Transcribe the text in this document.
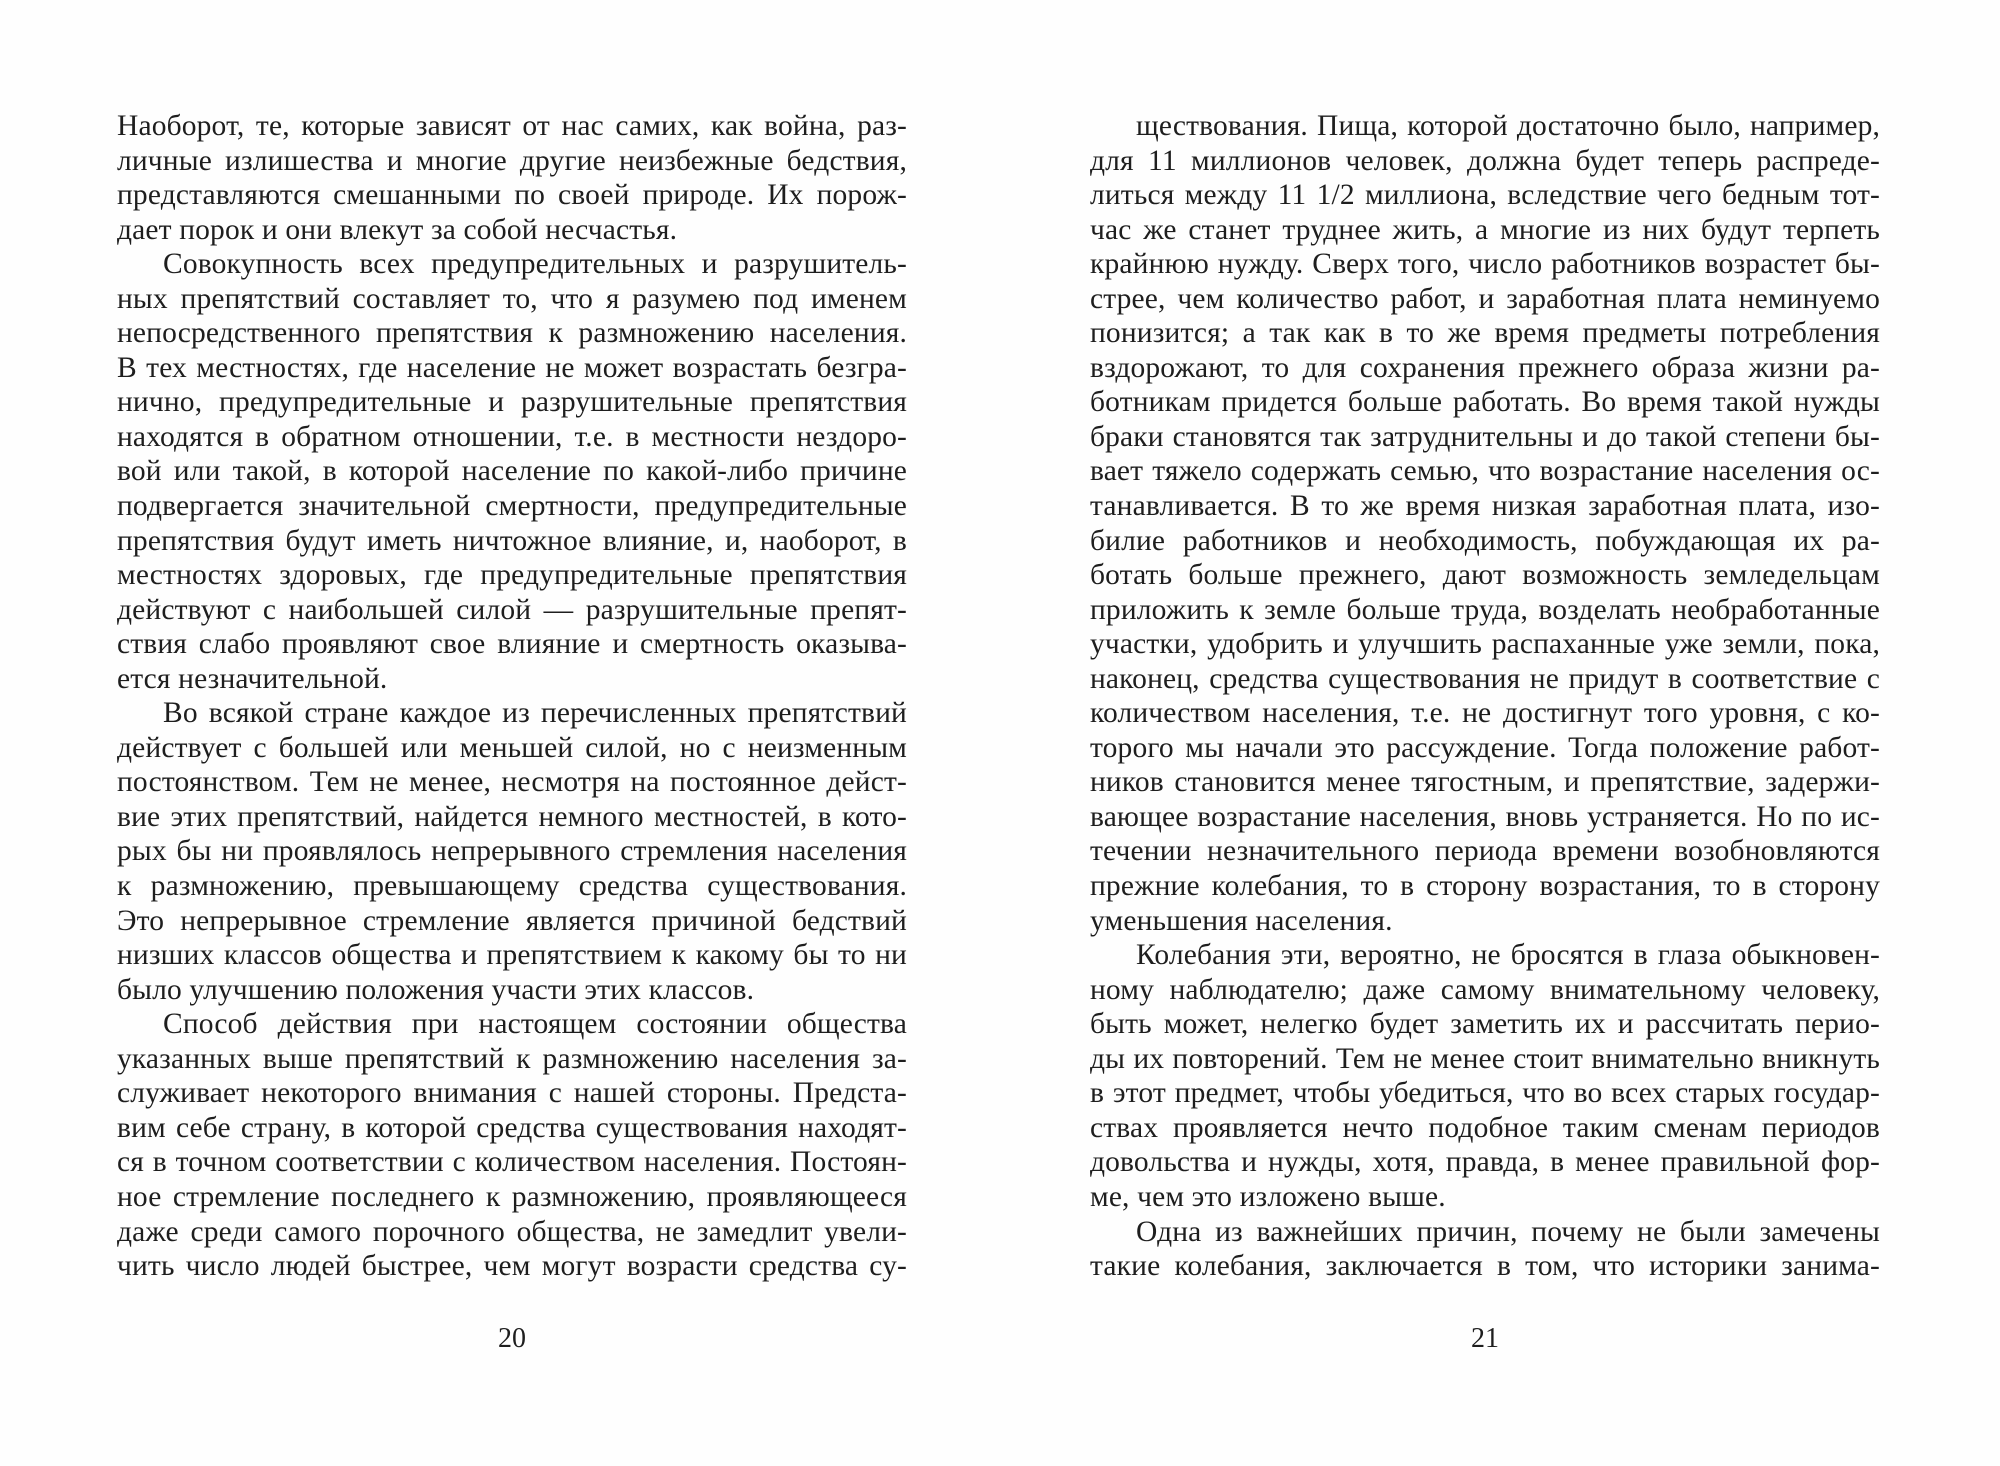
Наоборот, те, которые зависят от нас самих, как война, раз-
личные излишества и многие другие неизбежные бедствия,
представляются смешанными по своей природе. Их порож-
дает порок и они влекут за собой несчастья.
Совокупность всех предупредительных и разрушитель-
ных препятствий составляет то, что я разумею под именем
непосредственного препятствия к размножению населения.
В тех местностях, где население не может возрастать безгра-
нично, предупредительные и разрушительные препятствия
находятся в обратном отношении, т.е. в местности нездоро-
вой или такой, в которой население по какой-либо причине
подвергается значительной смертности, предупредительные
препятствия будут иметь ничтожное влияние, и, наоборот, в
местностях здоровых, где предупредительные препятствия
действуют с наибольшей силой — разрушительные препят-
ствия слабо проявляют свое влияние и смертность оказыва-
ется незначительной.
Во всякой стране каждое из перечисленных препятствий
действует с большей или меньшей силой, но с неизменным
постоянством. Тем не менее, несмотря на постоянное дейст-
вие этих препятствий, найдется немного местностей, в кото-
рых бы ни проявлялось непрерывного стремления населения
к размножению, превышающему средства существования.
Это непрерывное стремление является причиной бедствий
низших классов общества и препятствием к какому бы то ни
было улучшению положения участи этих классов.
Способ действия при настоящем состоянии общества
указанных выше препятствий к размножению населения за-
служивает некоторого внимания с нашей стороны. Предста-
вим себе страну, в которой средства существования находят-
ся в точном соответствии с количеством населения. Постоян-
ное стремление последнего к размножению, проявляющееся
даже среди самого порочного общества, не замедлит увели-
чить число людей быстрее, чем могут возрасти средства су-
20
ществования. Пища, которой достаточно было, например,
для 11 миллионов человек, должна будет теперь распреде-
литься между 11 1/2 миллиона, вследствие чего бедным тот-
час же станет труднее жить, а многие из них будут терпеть
крайнюю нужду. Сверх того, число работников возрастет бы-
стрее, чем количество работ, и заработная плата неминуемо
понизится; а так как в то же время предметы потребления
вздорожают, то для сохранения прежнего образа жизни ра-
ботникам придется больше работать. Во время такой нужды
браки становятся так затруднительны и до такой степени бы-
вает тяжело содержать семью, что возрастание населения ос-
танавливается. В то же время низкая заработная плата, изо-
билие работников и необходимость, побуждающая их ра-
ботать больше прежнего, дают возможность земледельцам
приложить к земле больше труда, возделать необработанные
участки, удобрить и улучшить распаханные уже земли, пока,
наконец, средства существования не придут в соответствие с
количеством населения, т.е. не достигнут того уровня, с ко-
торого мы начали это рассуждение. Тогда положение работ-
ников становится менее тягостным, и препятствие, задержи-
вающее возрастание населения, вновь устраняется. Но по ис-
течении незначительного периода времени возобновляются
прежние колебания, то в сторону возрастания, то в сторону
уменьшения населения.
Колебания эти, вероятно, не бросятся в глаза обыкновен-
ному наблюдателю; даже самому внимательному человеку,
быть может, нелегко будет заметить их и рассчитать перио-
ды их повторений. Тем не менее стоит внимательно вникнуть
в этот предмет, чтобы убедиться, что во всех старых государ-
ствах проявляется нечто подобное таким сменам периодов
довольства и нужды, хотя, правда, в менее правильной фор-
ме, чем это изложено выше.
Одна из важнейших причин, почему не были замечены
такие колебания, заключается в том, что историки занима-
21
